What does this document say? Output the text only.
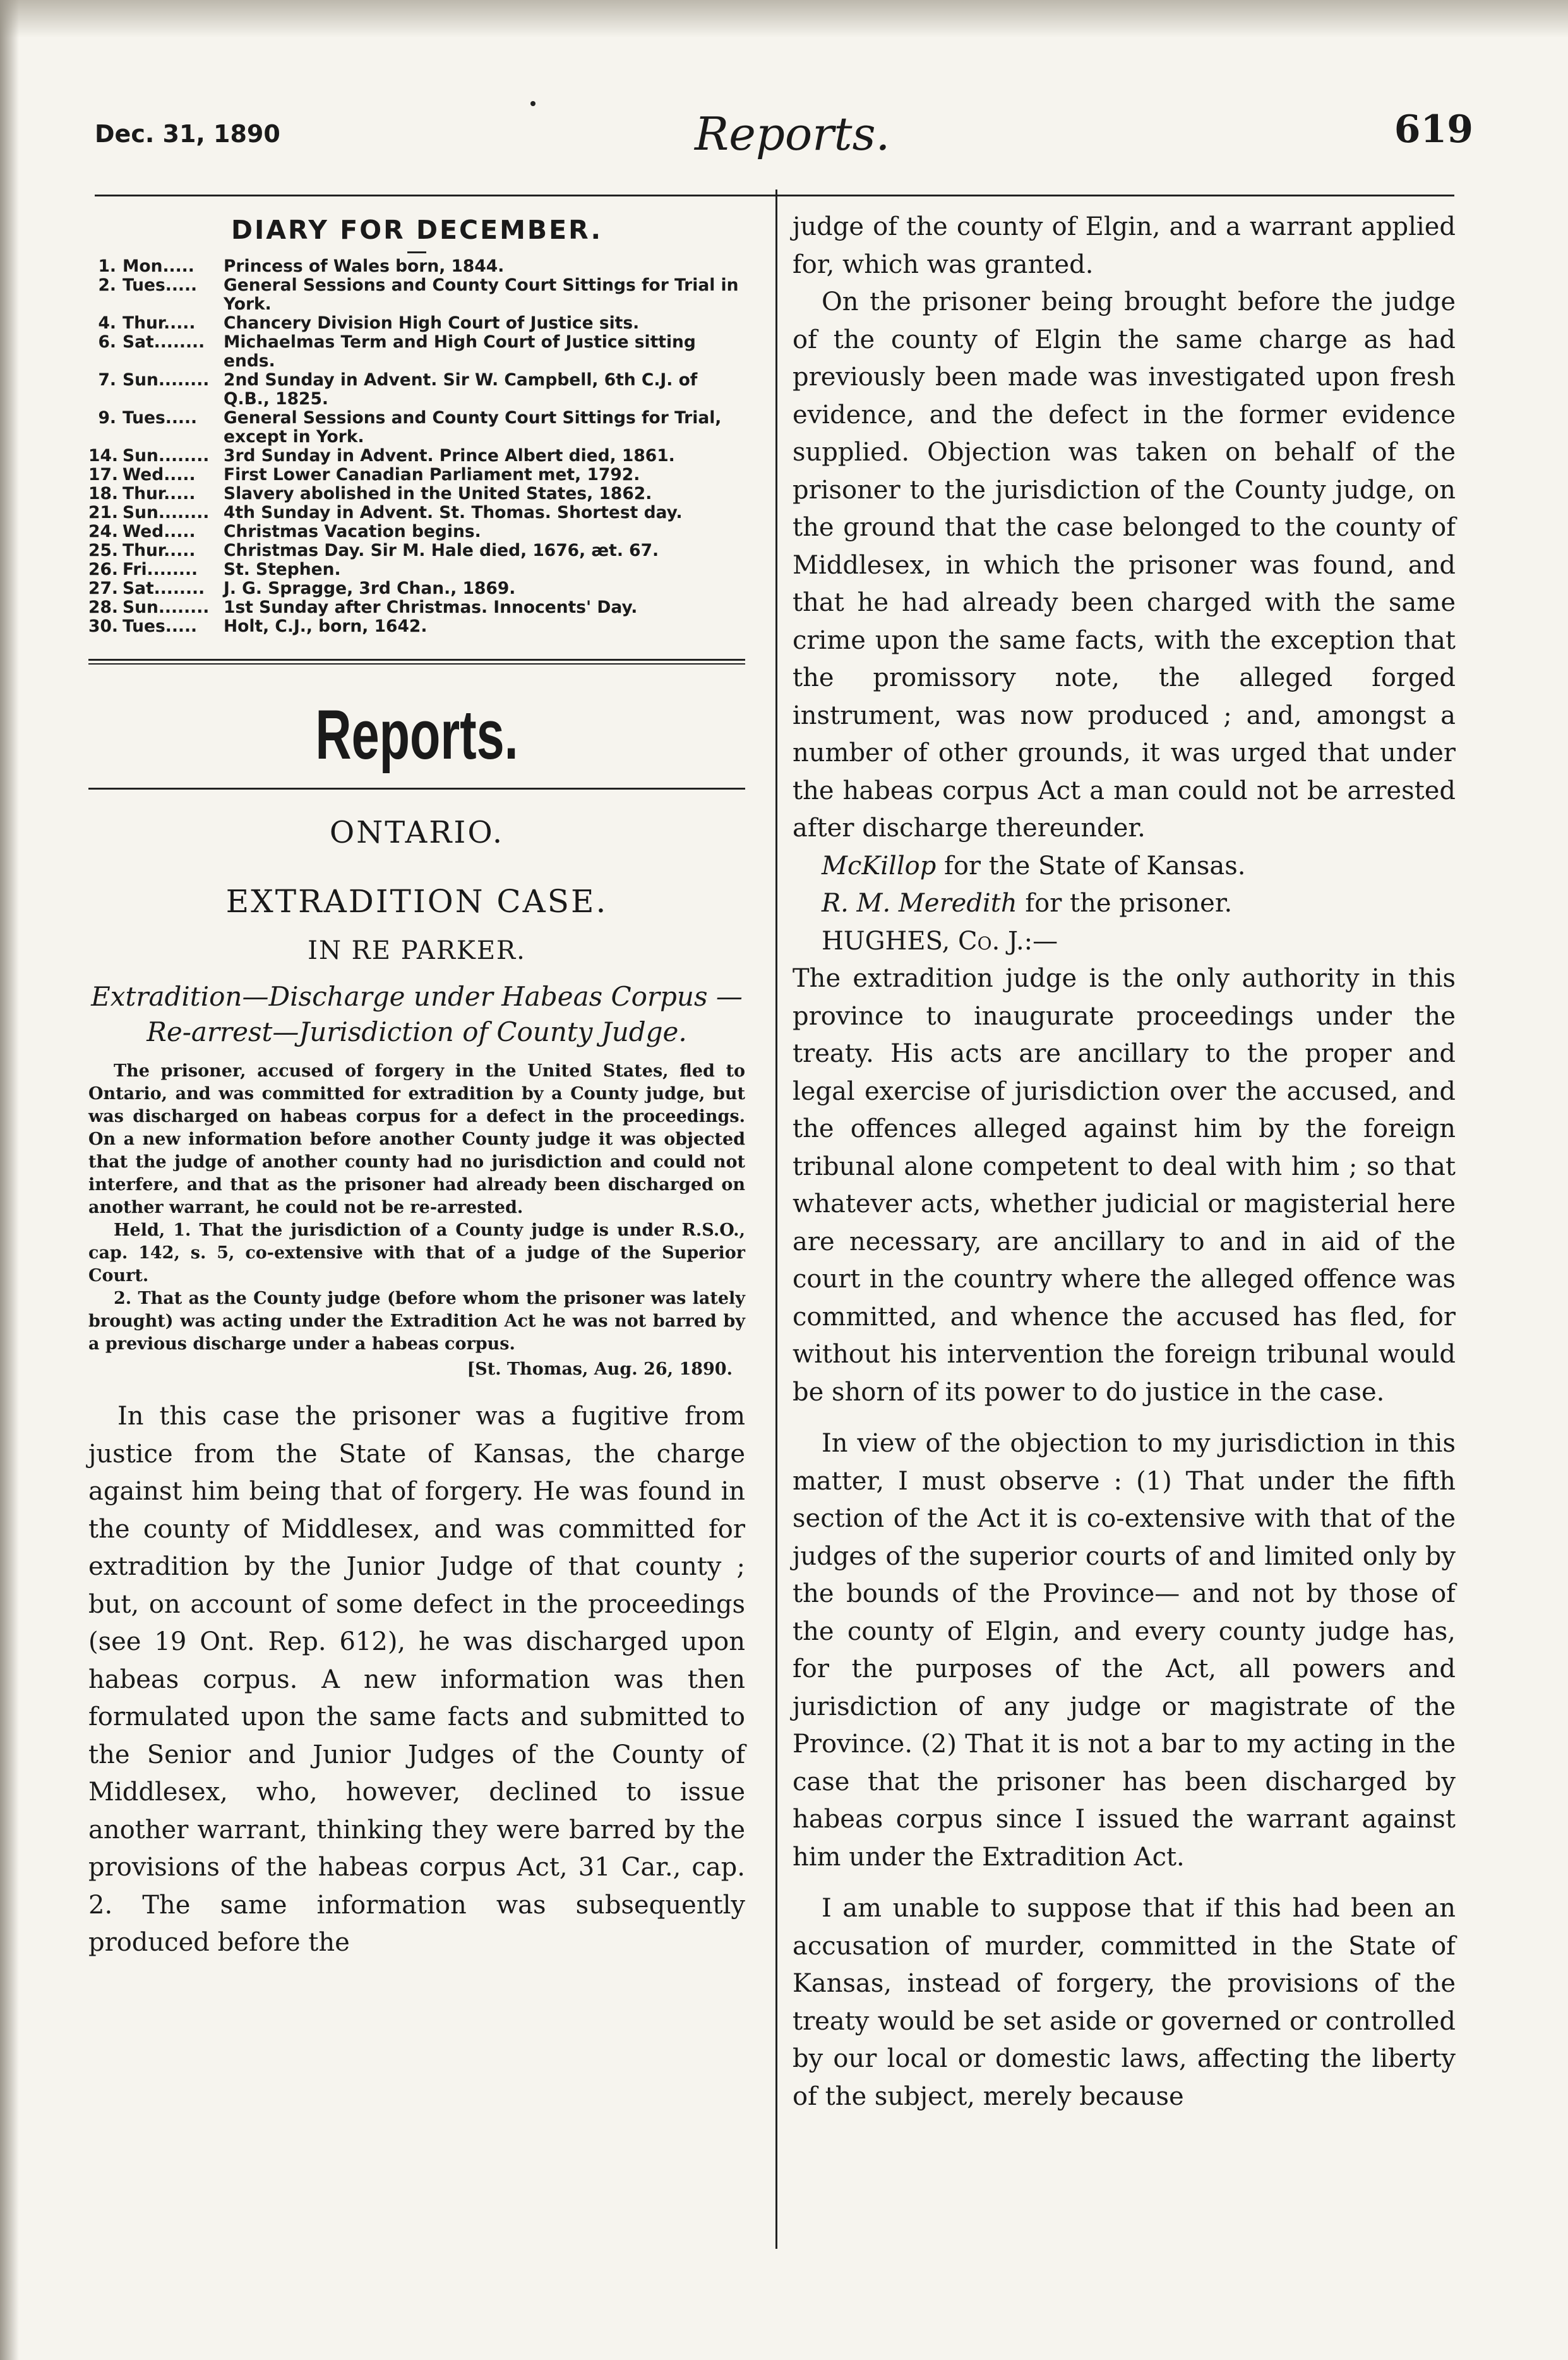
Dec. 31, 1890	Reports.	619
DIARY FOR DECEMBER.
1. Mon.....	Princess of Wales born, 1844.
2. Tues.....	General Sessions and County Court Sittings for Trial in York.
4. Thur.....	Chancery Division High Court of Justice sits.
6. Sat........	Michaelmas Term and High Court of Justice sitting ends.
7. Sun........ 2nd Sunday in Advent. Sir W. Campbell, 6th C.J. of Q.B., 1825.
9. Tues.....	General Sessions and County Court Sittings for Trial, except in York.
14. Sun........ 3rd Sunday in Advent. Prince Albert died, 1861.
17. Wed.....	First Lower Canadian Parliament met, 1792.
18. Thur.....	Slavery abolished in the United States, 1862.
21. Sun........ 4th Sunday in Advent. St. Thomas. Shortest day.
24. Wed.....	Christmas Vacation begins.
25. Thur.....	Christmas Day. Sir M. Hale died, 1676, æt. 67.
26. Fri........	St. Stephen.
27. Sat........	J. G. Spragge, 3rd Chan., 1869.
28. Sun........ 1st Sunday after Christmas. Innocents' Day.
30. Tues.....	Holt, C.J., born, 1642.
Reports.
ONTARIO.
EXTRADITION CASE.
IN RE PARKER.
Extradition—Discharge under Habeas Corpus —Re-arrest—Jurisdiction of County Judge.

The prisoner, accused of forgery in the United States, fled to Ontario, and was committed for extradition by a County judge, but was discharged on habeas corpus for a defect in the proceedings. On a new information before another County judge it was objected that the judge of another county had no jurisdiction and could not interfere, and that as the prisoner had already been discharged on another warrant, he could not be re-arrested.

Held, 1. That the jurisdiction of a County judge is under R.S.O., cap. 142, s. 5, co-extensive with that of a judge of the Superior Court.

2. That as the County judge (before whom the prisoner was lately brought) was acting under the Extradition Act he was not barred by a previous discharge under a habeas corpus.

[St. Thomas, Aug. 26, 1890.

In this case the prisoner was a fugitive from justice from the State of Kansas, the charge against him being that of forgery. He was found in the county of Middlesex, and was committed for extradition by the Junior Judge of that county ; but, on account of some defect in the proceedings (see 19 Ont. Rep. 612), he was discharged upon habeas corpus. A new information was then formulated upon the same facts and submitted to the Senior and Junior Judges of the County of Middlesex, who, however, declined to issue another warrant, thinking they were barred by the provisions of the habeas corpus Act, 31 Car., cap. 2. The same information was subsequently produced before the

judge of the county of Elgin, and a warrant applied for, which was granted.

On the prisoner being brought before the judge of the county of Elgin the same charge as had previously been made was investigated upon fresh evidence, and the defect in the former evidence supplied. Objection was taken on behalf of the prisoner to the jurisdiction of the County judge, on the ground that the case belonged to the county of Middlesex, in which the prisoner was found, and that he had already been charged with the same crime upon the same facts, with the exception that the promissory note, the alleged forged instrument, was now produced ; and, amongst a number of other grounds, it was urged that under the habeas corpus Act a man could not be arrested after discharge thereunder.

McKillop for the State of Kansas.

R. M. Meredith for the prisoner.

HUGHES, Co. J.:—

The extradition judge is the only authority in this province to inaugurate proceedings under the treaty. His acts are ancillary to the proper and legal exercise of jurisdiction over the accused, and the offences alleged against him by the foreign tribunal alone competent to deal with him ; so that whatever acts, whether judicial or magisterial here are necessary, are ancillary to and in aid of the court in the country where the alleged offence was committed, and whence the accused has fled, for without his intervention the foreign tribunal would be shorn of its power to do justice in the case.

In view of the objection to my jurisdiction in this matter, I must observe : (1) That under the fifth section of the Act it is co-extensive with that of the judges of the superior courts of and limited only by the bounds of the Province— and not by those of the county of Elgin, and every county judge has, for the purposes of the Act, all powers and jurisdiction of any judge or magistrate of the Province. (2) That it is not a bar to my acting in the case that the prisoner has been discharged by habeas corpus since I issued the warrant against him under the Extradition Act.

I am unable to suppose that if this had been an accusation of murder, committed in the State of Kansas, instead of forgery, the provisions of the treaty would be set aside or governed or controlled by our local or domestic laws, affecting the liberty of the subject, merely because
